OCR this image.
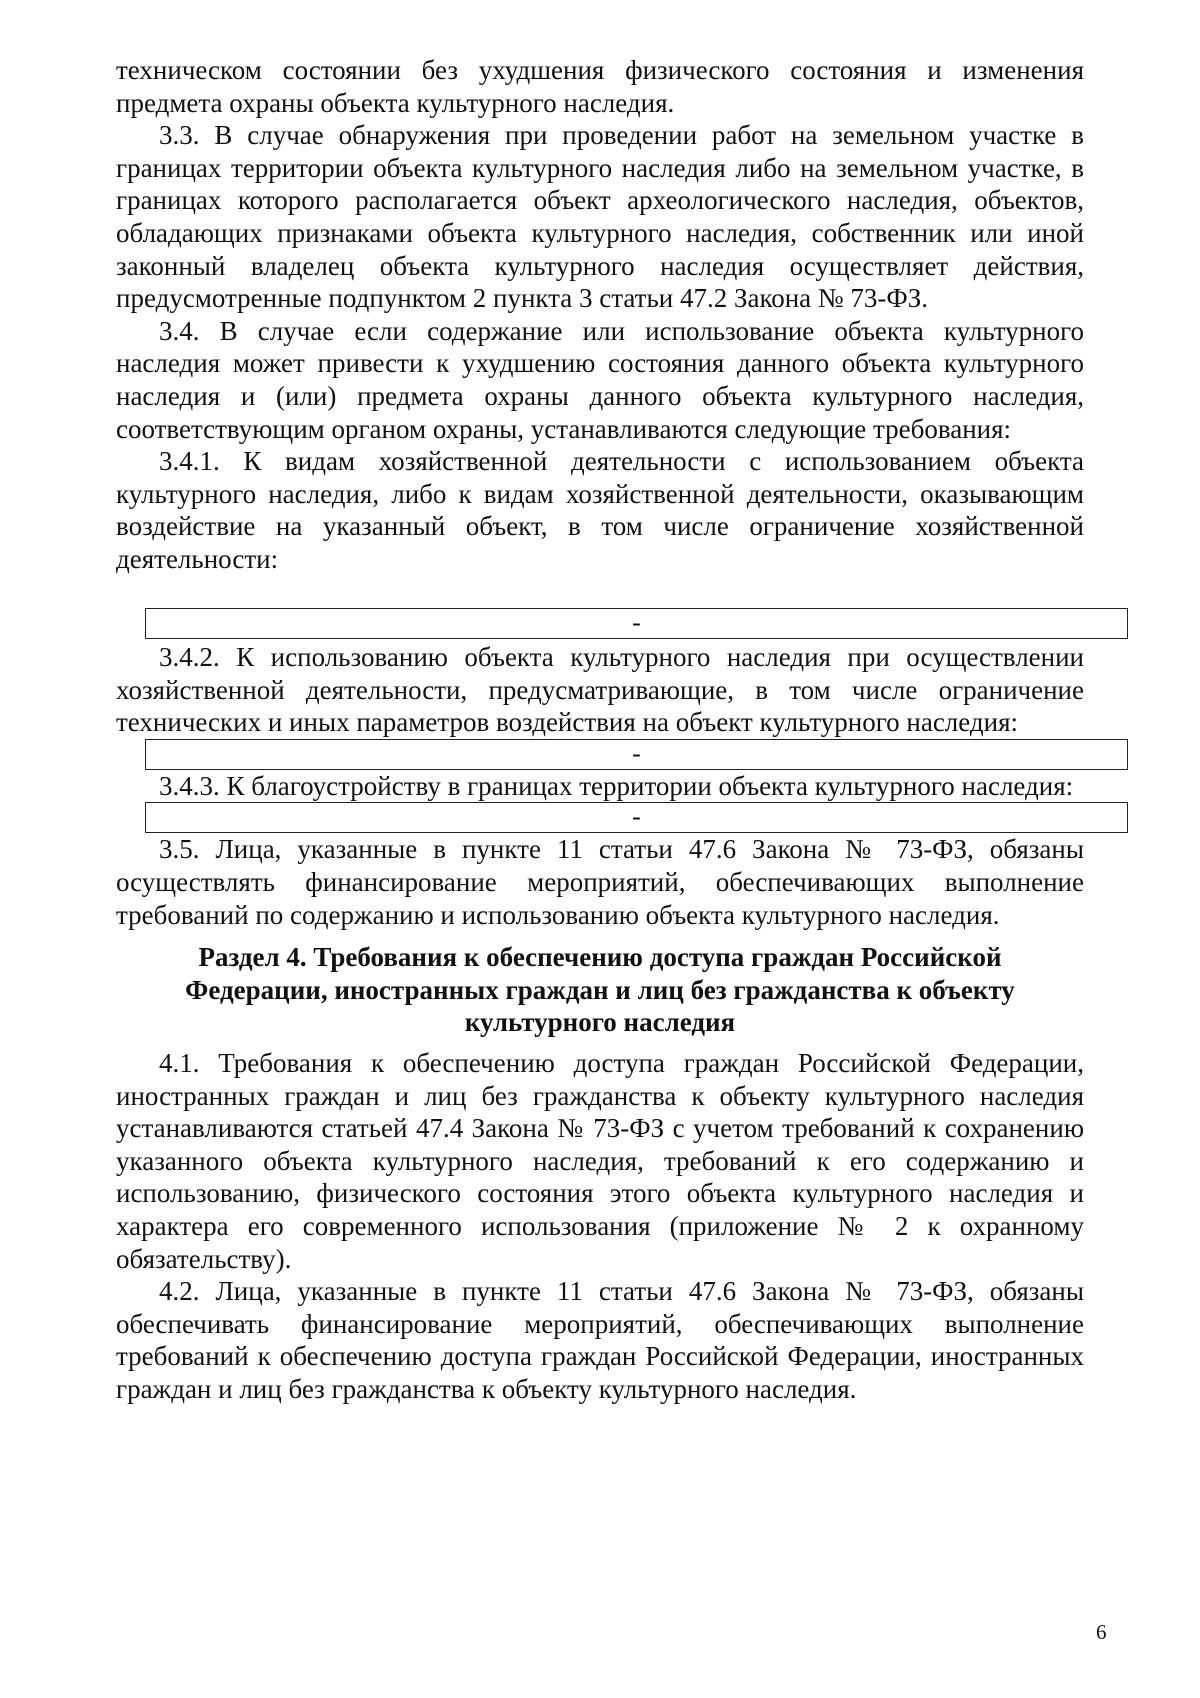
техническом состоянии без ухудшения физического состояния и изменения предмета охраны объекта культурного наследия.

3.3. В случае обнаружения при проведении работ на земельном участке в границах территории объекта культурного наследия либо на земельном участке, в границах которого располагается объект археологического наследия, объектов, обладающих признаками объекта культурного наследия, собственник или иной законный владелец объекта культурного наследия осуществляет действия, предусмотренные подпунктом 2 пункта 3 статьи 47.2 Закона № 73-ФЗ.

3.4. В случае если содержание или использование объекта культурного наследия может привести к ухудшению состояния данного объекта культурного наследия и (или) предмета охраны данного объекта культурного наследия, соответствующим органом охраны, устанавливаются следующие требования:

3.4.1. К видам хозяйственной деятельности с использованием объекта культурного наследия, либо к видам хозяйственной деятельности, оказывающим воздействие на указанный объект, в том числе ограничение хозяйственной деятельности:

-

3.4.2. К использованию объекта культурного наследия при осуществлении хозяйственной деятельности, предусматривающие, в том числе ограничение технических и иных параметров воздействия на объект культурного наследия:

-

3.4.3. К благоустройству в границах территории объекта культурного наследия:

-

3.5. Лица, указанные в пункте 11 статьи 47.6 Закона № 73-ФЗ, обязаны осуществлять финансирование мероприятий, обеспечивающих выполнение требований по содержанию и использованию объекта культурного наследия.

Раздел 4. Требования к обеспечению доступа граждан Российской
Федерации, иностранных граждан и лиц без гражданства к объекту
культурного наследия

4.1. Требования к обеспечению доступа граждан Российской Федерации, иностранных граждан и лиц без гражданства к объекту культурного наследия устанавливаются статьей 47.4 Закона № 73-ФЗ с учетом требований к сохранению указанного объекта культурного наследия, требований к его содержанию и использованию, физического состояния этого объекта культурного наследия и характера его современного использования (приложение № 2 к охранному обязательству).

4.2. Лица, указанные в пункте 11 статьи 47.6 Закона № 73-ФЗ, обязаны обеспечивать финансирование мероприятий, обеспечивающих выполнение требований к обеспечению доступа граждан Российской Федерации, иностранных граждан и лиц без гражданства к объекту культурного наследия.

6
